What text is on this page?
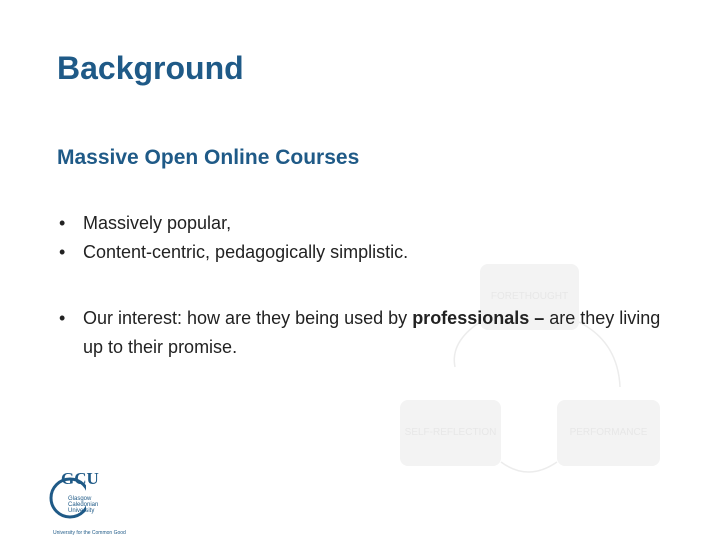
Background
Massive Open Online Courses
FORETHOUGHT
SELF-REFLECTION	PERFORMANCE
• Massively popular,
• Content-centric, pedagogically simplistic.
• Our interest: how are they being used by professionals – are they living up to their promise.
GCU
Glasgow Caledonian University
University for the Common Good
